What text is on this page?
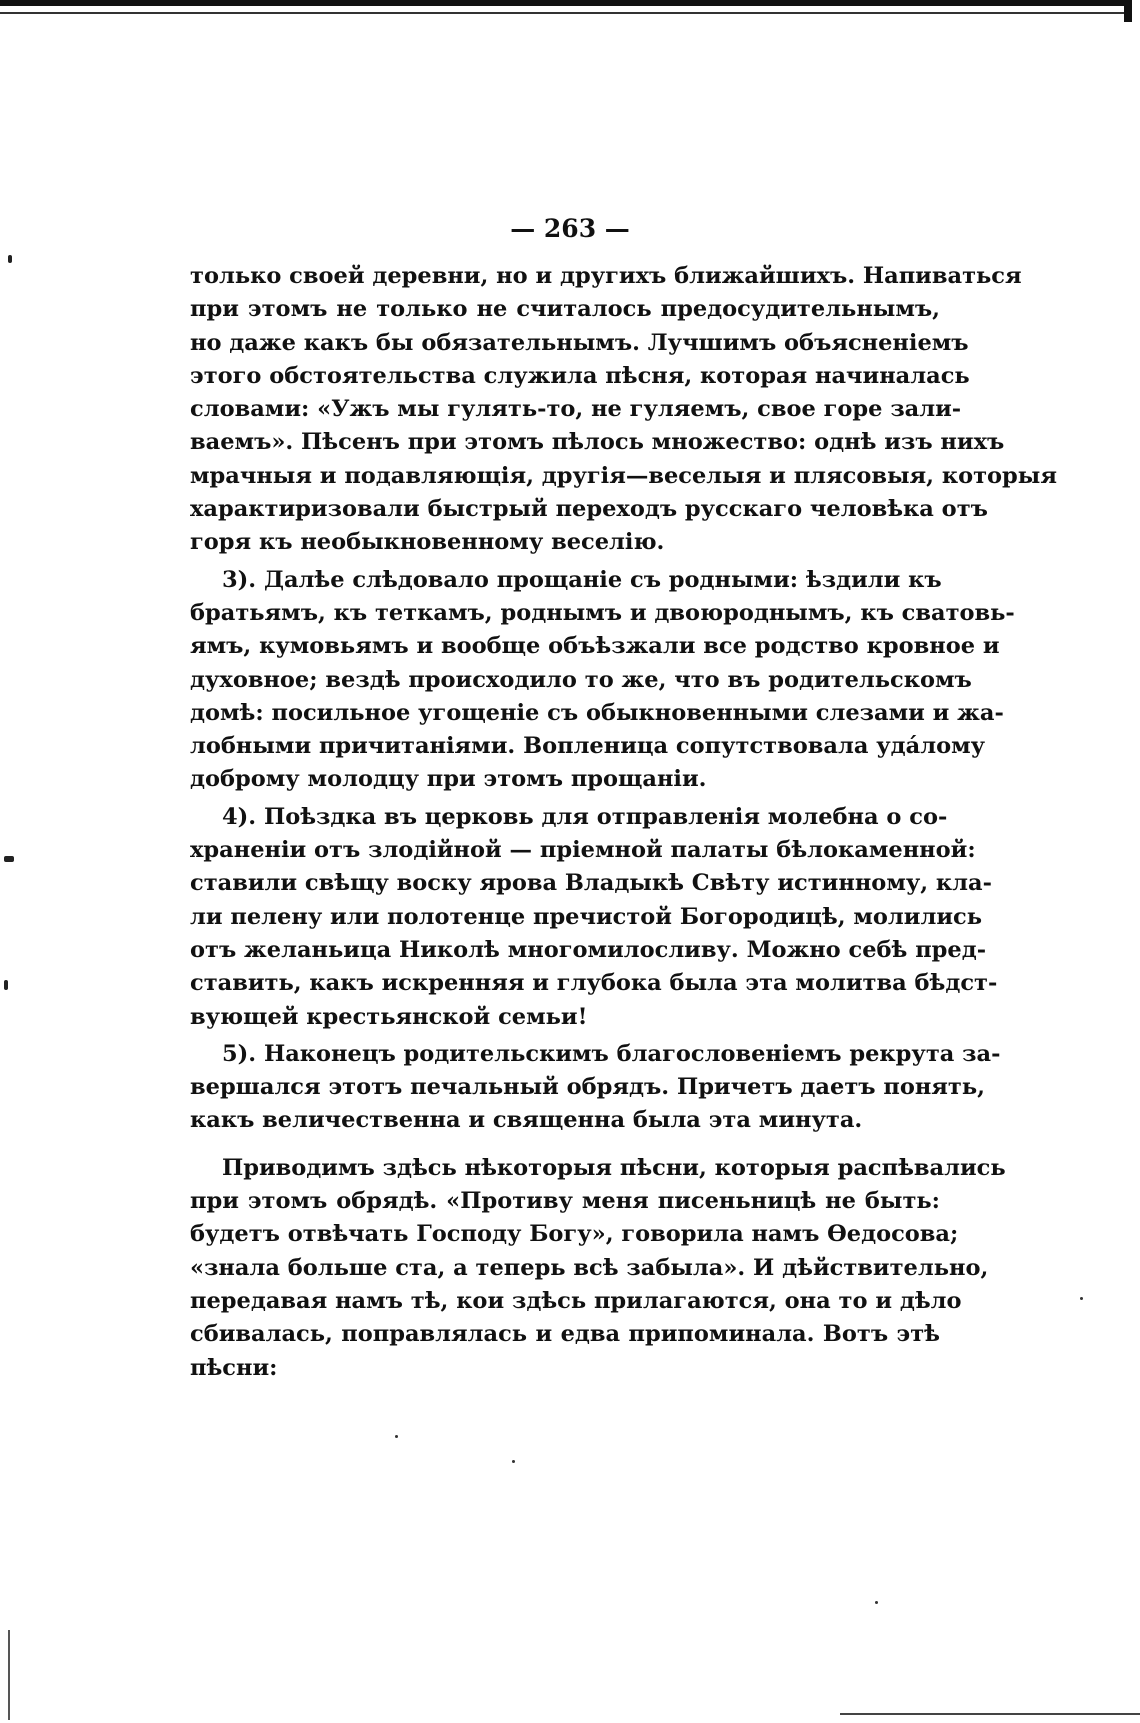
— 263 —
только своей деревни, но и другихъ ближайшихъ. Напиваться
при этомъ не только не считалось предосудительнымъ,
но даже какъ бы обязательнымъ. Лучшимъ объясненіемъ
этого обстоятельства служила пѣсня, которая начиналась
словами: «Ужъ мы гулять-то, не гуляемъ, свое горе зали-
ваемъ». Пѣсенъ при этомъ пѣлось множество: однѣ изъ нихъ
мрачныя и подавляющія, другія—веселыя и плясовыя, которыя
характиризовали быстрый переходъ русскаго человѣка отъ
горя къ необыкновенному веселію.
3). Далѣе слѣдовало прощаніе съ родными: ѣздили къ
братьямъ, къ теткамъ, роднымъ и двоюроднымъ, къ сватовь-
ямъ, кумовьямъ и вообще объѣзжали все родство кровное и
духовное; вездѣ происходило то же, что въ родительскомъ
домѣ: посильное угощеніе съ обыкновенными слезами и жа-
лобными причитаніями. Вопленица сопутствовала удáлому
доброму молодцу при этомъ прощаніи.
4). Поѣздка въ церковь для отправленія молебна о со-
храненіи отъ злодійной — пріемной палаты бѣлокаменной:
ставили свѣщу воску ярова Владыкѣ Свѣту истинному, кла-
ли пелену или полотенце пречистой Богородицѣ, молились
отъ желаньица Николѣ многомилосливу. Можно себѣ пред-
ставить, какъ искренняя и глубока была эта молитва бѣдст-
вующей крестьянской семьи!
5). Наконецъ родительскимъ благословеніемъ рекрута за-
вершался этотъ печальный обрядъ. Причетъ даетъ понять,
какъ величественна и священна была эта минута.
Приводимъ здѣсь нѣкоторыя пѣсни, которыя распѣвались
при этомъ обрядѣ. «Противу меня писеньницѣ не быть:
будетъ отвѣчать Господу Богу», говорила намъ Ѳедосова;
«знала больше ста, а теперь всѣ забыла». И дѣйствительно,
передавая намъ тѣ, кои здѣсь прилагаются, она то и дѣло
сбивалась, поправлялась и едва припоминала. Вотъ этѣ
пѣсни:
